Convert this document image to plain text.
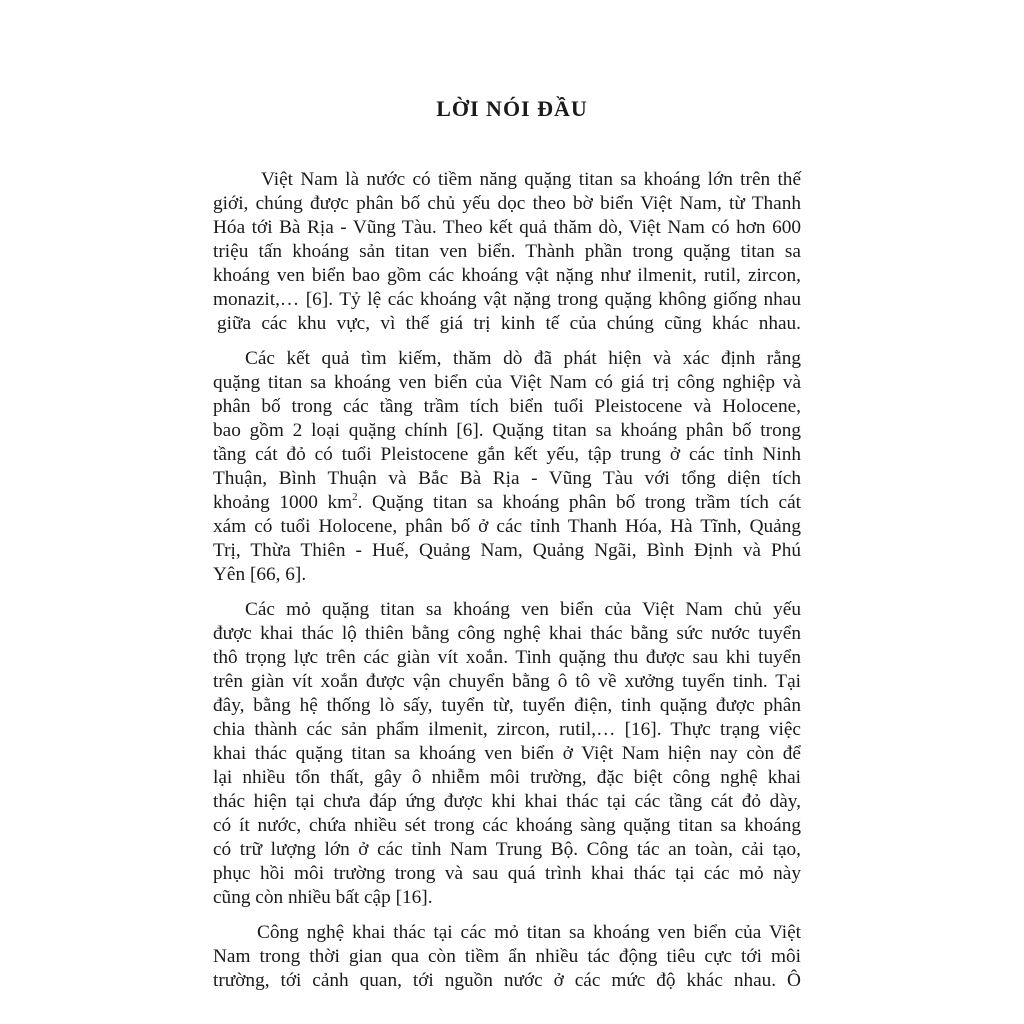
LỜI NÓI ĐẦU
Việt Nam là nước có tiềm năng quặng titan sa khoáng lớn trên thế
giới, chúng được phân bố chủ yếu dọc theo bờ biển Việt Nam, từ Thanh
Hóa tới Bà Rịa - Vũng Tàu. Theo kết quả thăm dò, Việt Nam có hơn 600
triệu tấn khoáng sản titan ven biển. Thành phần trong quặng titan sa
khoáng ven biển bao gồm các khoáng vật nặng như ilmenit, rutil, zircon,
monazit,… [6]. Tỷ lệ các khoáng vật nặng trong quặng không giống nhau
giữa các khu vực, vì thế giá trị kinh tế của chúng cũng khác nhau.
Các kết quả tìm kiếm, thăm dò đã phát hiện và xác định rằng
quặng titan sa khoáng ven biển của Việt Nam có giá trị công nghiệp và
phân bố trong các tầng trầm tích biển tuổi Pleistocene và Holocene,
bao gồm 2 loại quặng chính [6]. Quặng titan sa khoáng phân bố trong
tầng cát đỏ có tuổi Pleistocene gắn kết yếu, tập trung ở các tỉnh Ninh
Thuận, Bình Thuận và Bắc Bà Rịa - Vũng Tàu với tổng diện tích
khoảng 1000 $km^2$. Quặng titan sa khoáng phân bố trong trầm tích cát
xám có tuổi Holocene, phân bố ở các tỉnh Thanh Hóa, Hà Tĩnh, Quảng
Trị, Thừa Thiên - Huế, Quảng Nam, Quảng Ngãi, Bình Định và Phú
Yên [66, 6].
Các mỏ quặng titan sa khoáng ven biển của Việt Nam chủ yếu
được khai thác lộ thiên bằng công nghệ khai thác bằng sức nước tuyển
thô trọng lực trên các giàn vít xoắn. Tinh quặng thu được sau khi tuyển
trên giàn vít xoắn được vận chuyển bằng ô tô về xưởng tuyển tinh. Tại
đây, bằng hệ thống lò sấy, tuyển từ, tuyển điện, tinh quặng được phân
chia thành các sản phẩm ilmenit, zircon, rutil,… [16]. Thực trạng việc
khai thác quặng titan sa khoáng ven biển ở Việt Nam hiện nay còn để
lại nhiều tổn thất, gây ô nhiễm môi trường, đặc biệt công nghệ khai
thác hiện tại chưa đáp ứng được khi khai thác tại các tầng cát đỏ dày,
có ít nước, chứa nhiều sét trong các khoáng sàng quặng titan sa khoáng
có trữ lượng lớn ở các tỉnh Nam Trung Bộ. Công tác an toàn, cải tạo,
phục hồi môi trường trong và sau quá trình khai thác tại các mỏ này
cũng còn nhiều bất cập [16].
Công nghệ khai thác tại các mỏ titan sa khoáng ven biển của Việt
Nam trong thời gian qua còn tiềm ẩn nhiều tác động tiêu cực tới môi
trường, tới cảnh quan, tới nguồn nước ở các mức độ khác nhau. Ô
